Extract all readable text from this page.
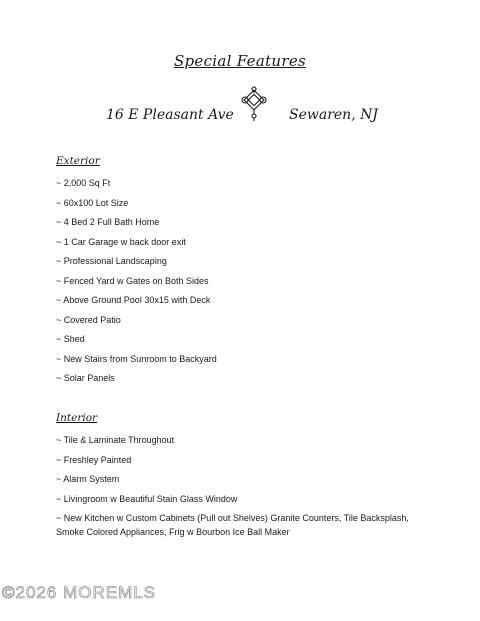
Special Features
16 E Pleasant Ave	Sewaren, NJ
Exterior
~ 2,000 Sq Ft
~ 60x100 Lot Size
~ 4 Bed 2 Full Bath Home
~ 1 Car Garage w back door exit
~ Professional Landscaping
~ Fenced Yard w Gates on Both Sides
~ Above Ground Pool 30x15 with Deck
~ Covered Patio
~ Shed
~ New Stairs from Sunroom to Backyard
~ Solar Panels
Interior
~ Tile & Laminate Throughout
~ Freshley Painted
~ Alarm System
~ Livingroom w Beautiful Stain Glass Window
~ New Kitchen w Custom Cabinets (Pull out Shelves) Granite Counters, Tile Backsplash, Smoke Colored Appliances, Frig w Bourbon Ice Ball Maker
©2026 MOREMLS
